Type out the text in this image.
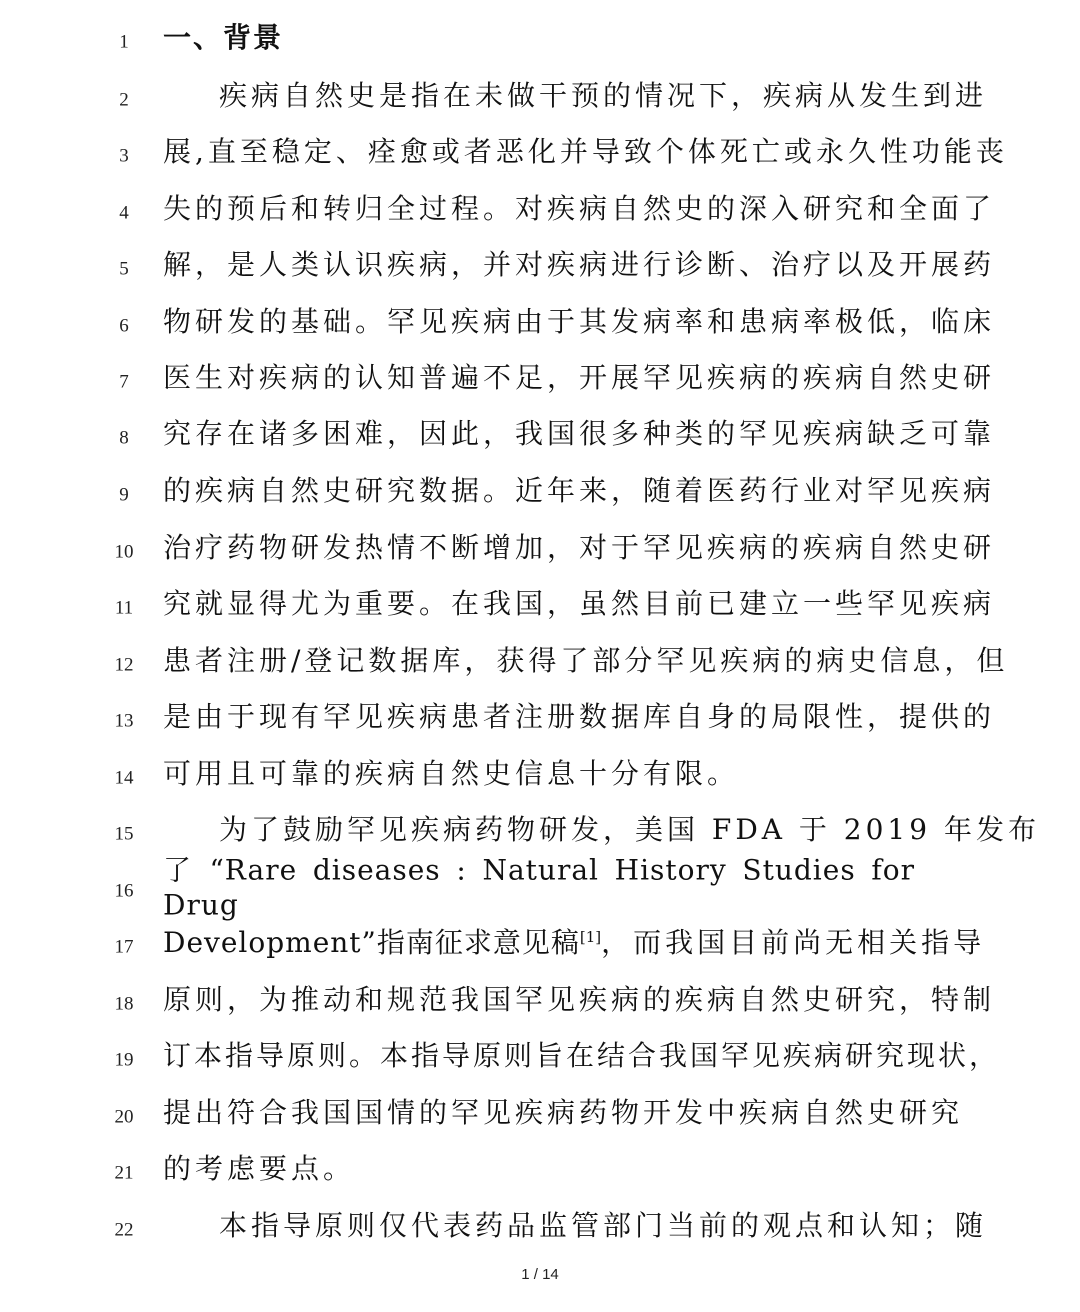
1	一、背景
2	疾病自然史是指在未做干预的情况下，疾病从发生到进
3	展,直至稳定、痊愈或者恶化并导致个体死亡或永久性功能丧
4	失的预后和转归全过程。对疾病自然史的深入研究和全面了
5	解，是人类认识疾病，并对疾病进行诊断、治疗以及开展药
6	物研发的基础。罕见疾病由于其发病率和患病率极低，临床
7	医生对疾病的认知普遍不足，开展罕见疾病的疾病自然史研
8	究存在诸多困难，因此，我国很多种类的罕见疾病缺乏可靠
9	的疾病自然史研究数据。近年来，随着医药行业对罕见疾病
10	治疗药物研发热情不断增加，对于罕见疾病的疾病自然史研
11	究就显得尤为重要。在我国，虽然目前已建立一些罕见疾病
12	患者注册/登记数据库，获得了部分罕见疾病的病史信息，但
13	是由于现有罕见疾病患者注册数据库自身的局限性，提供的
14	可用且可靠的疾病自然史信息十分有限。
15	为了鼓励罕见疾病药物研发，美国 FDA 于 2019 年发布
16
了 “Rare diseases : Natural History Studies for Drug
17	Development”指南征求意见稿[1]，而我国目前尚无相关指导
18	原则，为推动和规范我国罕见疾病的疾病自然史研究，特制
19	订本指导原则。本指导原则旨在结合我国罕见疾病研究现状，
20	提出符合我国国情的罕见疾病药物开发中疾病自然史研究
21	的考虑要点。
22	本指导原则仅代表药品监管部门当前的观点和认知；随
1 / 14
